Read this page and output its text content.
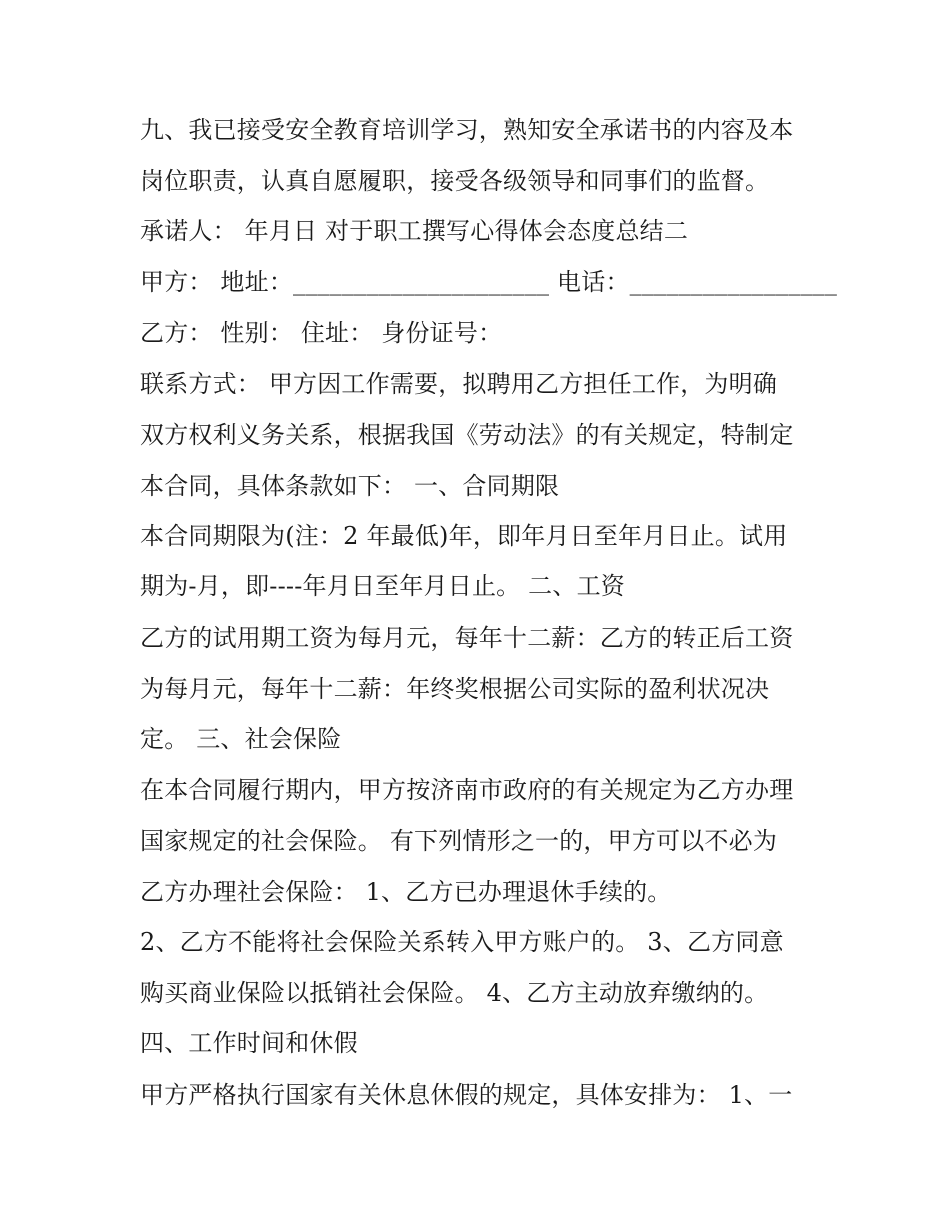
九、我已接受安全教育培训学习，熟知安全承诺书的内容及本
岗位职责，认真自愿履职，接受各级领导和同事们的监督。
承诺人： 年月日 对于职工撰写心得体会态度总结二
甲方： 地址：_____________________ 电话：_________________
乙方： 性别： 住址： 身份证号：
联系方式： 甲方因工作需要，拟聘用乙方担任工作，为明确
双方权利义务关系，根据我国《劳动法》的有关规定，特制定
本合同，具体条款如下： 一、合同期限
本合同期限为(注：2 年最低)年，即年月日至年月日止。试用
期为-月，即----年月日至年月日止。 二、工资
乙方的试用期工资为每月元，每年十二薪：乙方的转正后工资
为每月元，每年十二薪：年终奖根据公司实际的盈利状况决
定。 三、社会保险
在本合同履行期内，甲方按济南市政府的有关规定为乙方办理
国家规定的社会保险。 有下列情形之一的，甲方可以不必为
乙方办理社会保险： 1、乙方已办理退休手续的。
2、乙方不能将社会保险关系转入甲方账户的。 3、乙方同意
购买商业保险以抵销社会保险。 4、乙方主动放弃缴纳的。
四、工作时间和休假
甲方严格执行国家有关休息休假的规定，具体安排为： 1、一
